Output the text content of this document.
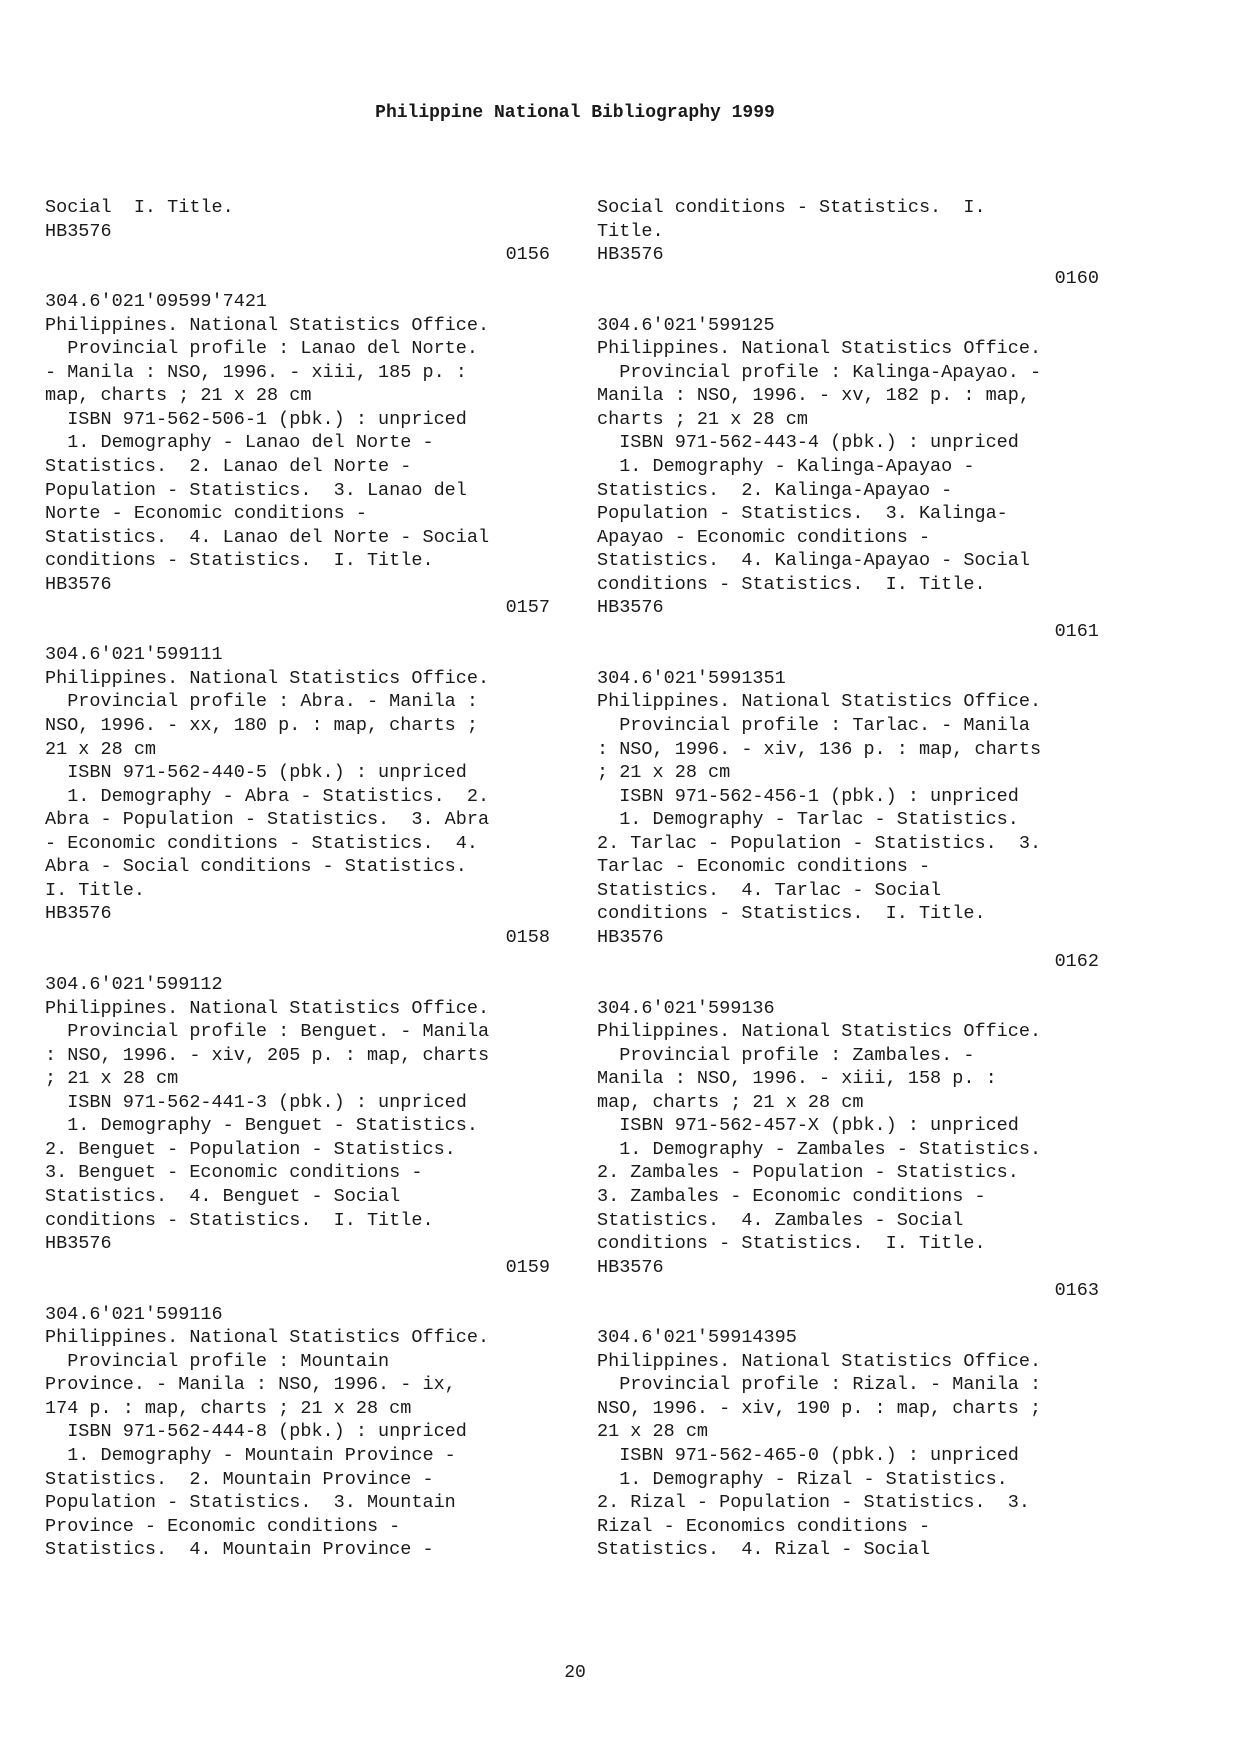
Philippine National Bibliography 1999
Social  I. Title.
HB3576
0156
304.6'021'09599'7421
Philippines. National Statistics Office.
Provincial profile : Lanao del Norte.
- Manila : NSO, 1996. - xiii, 185 p. :
map, charts ; 21 x 28 cm
ISBN 971-562-506-1 (pbk.) : unpriced
1. Demography - Lanao del Norte -
Statistics.  2. Lanao del Norte -
Population - Statistics.  3. Lanao del
Norte - Economic conditions -
Statistics.  4. Lanao del Norte - Social
conditions - Statistics.  I. Title.
HB3576
0157
304.6'021'599111
Philippines. National Statistics Office.
Provincial profile : Abra. - Manila :
NSO, 1996. - xx, 180 p. : map, charts ;
21 x 28 cm
ISBN 971-562-440-5 (pbk.) : unpriced
1. Demography - Abra - Statistics.  2.
Abra - Population - Statistics.  3. Abra
- Economic conditions - Statistics.  4.
Abra - Social conditions - Statistics.
I. Title.
HB3576
0158
304.6'021'599112
Philippines. National Statistics Office.
Provincial profile : Benguet. - Manila
: NSO, 1996. - xiv, 205 p. : map, charts
; 21 x 28 cm
ISBN 971-562-441-3 (pbk.) : unpriced
1. Demography - Benguet - Statistics.
2. Benguet - Population - Statistics.
3. Benguet - Economic conditions -
Statistics.  4. Benguet - Social
conditions - Statistics.  I. Title.
HB3576
0159
304.6'021'599116
Philippines. National Statistics Office.
Provincial profile : Mountain
Province. - Manila : NSO, 1996. - ix,
174 p. : map, charts ; 21 x 28 cm
ISBN 971-562-444-8 (pbk.) : unpriced
1. Demography - Mountain Province -
Statistics.  2. Mountain Province -
Population - Statistics.  3. Mountain
Province - Economic conditions -
Statistics.  4. Mountain Province -
Social conditions - Statistics.  I.
Title.
HB3576
0160
304.6'021'599125
Philippines. National Statistics Office.
Provincial profile : Kalinga-Apayao. -
Manila : NSO, 1996. - xv, 182 p. : map,
charts ; 21 x 28 cm
ISBN 971-562-443-4 (pbk.) : unpriced
1. Demography - Kalinga-Apayao -
Statistics.  2. Kalinga-Apayao -
Population - Statistics.  3. Kalinga-
Apayao - Economic conditions -
Statistics.  4. Kalinga-Apayao - Social
conditions - Statistics.  I. Title.
HB3576
0161
304.6'021'5991351
Philippines. National Statistics Office.
Provincial profile : Tarlac. - Manila
: NSO, 1996. - xiv, 136 p. : map, charts
; 21 x 28 cm
ISBN 971-562-456-1 (pbk.) : unpriced
1. Demography - Tarlac - Statistics.
2. Tarlac - Population - Statistics.  3.
Tarlac - Economic conditions -
Statistics.  4. Tarlac - Social
conditions - Statistics.  I. Title.
HB3576
0162
304.6'021'599136
Philippines. National Statistics Office.
Provincial profile : Zambales. -
Manila : NSO, 1996. - xiii, 158 p. :
map, charts ; 21 x 28 cm
ISBN 971-562-457-X (pbk.) : unpriced
1. Demography - Zambales - Statistics.
2. Zambales - Population - Statistics.
3. Zambales - Economic conditions -
Statistics.  4. Zambales - Social
conditions - Statistics.  I. Title.
HB3576
0163
304.6'021'59914395
Philippines. National Statistics Office.
Provincial profile : Rizal. - Manila :
NSO, 1996. - xiv, 190 p. : map, charts ;
21 x 28 cm
ISBN 971-562-465-0 (pbk.) : unpriced
1. Demography - Rizal - Statistics.
2. Rizal - Population - Statistics.  3.
Rizal - Economics conditions -
Statistics.  4. Rizal - Social
20
